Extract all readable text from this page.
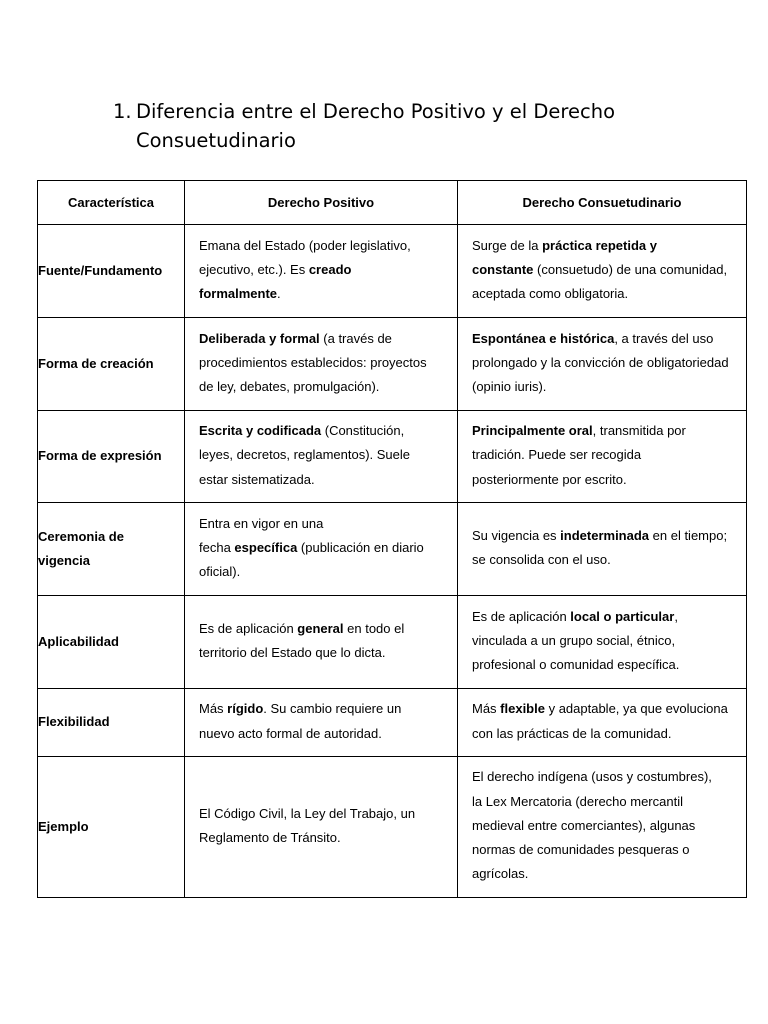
1. Diferencia entre el Derecho Positivo y el Derecho Consuetudinario
Característica	Derecho Positivo	Derecho Consuetudinario
Fuente/Fundamento	Emana del Estado (poder legislativo,
ejecutivo, etc.). Es creado
formalmente.	Surge de la práctica repetida y
constante (consuetudo) de una comunidad,
aceptada como obligatoria.
Forma de creación	Deliberada y formal (a través de
procedimientos establecidos: proyectos
de ley, debates, promulgación).	Espontánea e histórica, a través del uso
prolongado y la convicción de obligatoriedad
(opinio iuris).
Forma de expresión	Escrita y codificada (Constitución,
leyes, decretos, reglamentos). Suele
estar sistematizada.	Principalmente oral, transmitida por
tradición. Puede ser recogida
posteriormente por escrito.
Ceremonia de
vigencia	Entra en vigor en una
fecha específica (publicación en diario
oficial).	Su vigencia es indeterminada en el tiempo;
se consolida con el uso.
Aplicabilidad	Es de aplicación general en todo el
territorio del Estado que lo dicta.	Es de aplicación local o particular,
vinculada a un grupo social, étnico,
profesional o comunidad específica.
Flexibilidad	Más rígido. Su cambio requiere un
nuevo acto formal de autoridad.	Más flexible y adaptable, ya que evoluciona
con las prácticas de la comunidad.
Ejemplo	El Código Civil, la Ley del Trabajo, un
Reglamento de Tránsito.	El derecho indígena (usos y costumbres),
la Lex Mercatoria (derecho mercantil
medieval entre comerciantes), algunas
normas de comunidades pesqueras o
agrícolas.
